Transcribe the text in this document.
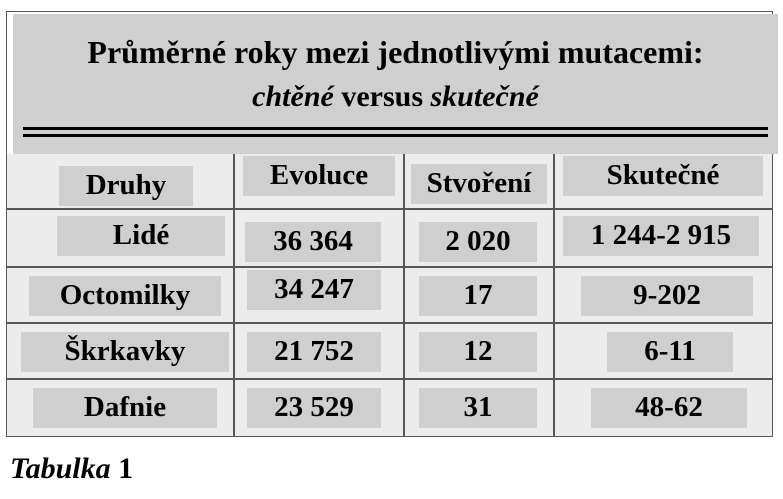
Průměrné roky mezi jednotlivými mutacemi:
chtěné versus skutečné
Druhy	Evoluce	Stvoření	Skutečné
Lidé	36 364	2 020	1 244-2 915
Octomilky	34 247	17	9-202
Škrkavky	21 752	12	6-11
Dafnie	23 529	31	48-62
Tabulka 1
